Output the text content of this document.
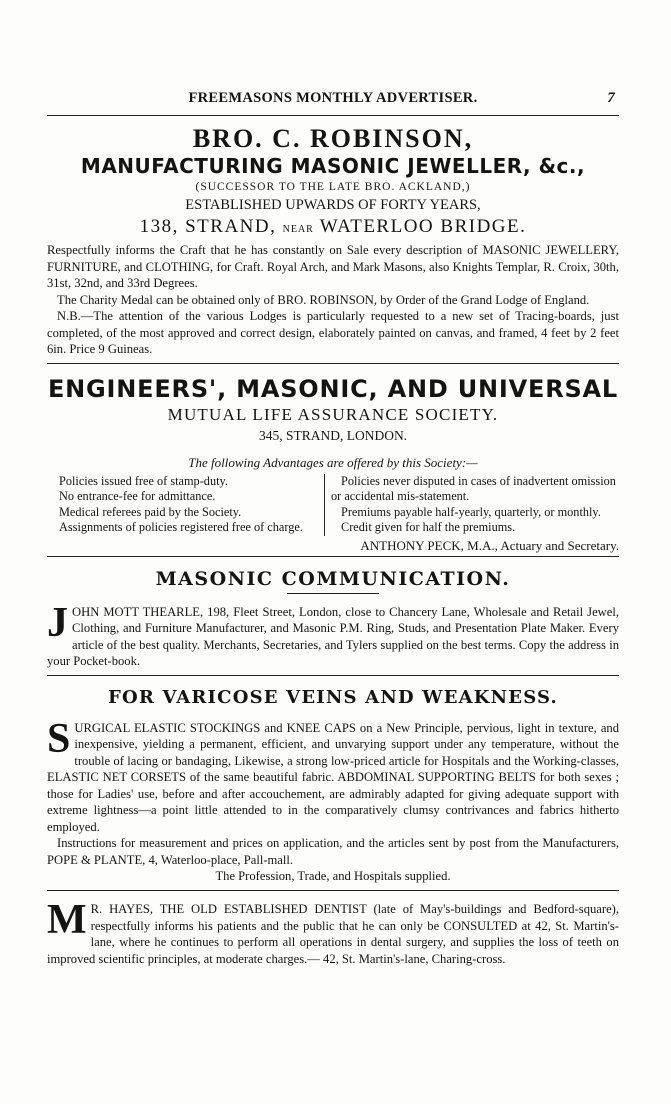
FREEMASONS MONTHLY ADVERTISER.	7
BRO. C. ROBINSON,
MANUFACTURING MASONIC JEWELLER, &c.,
(SUCCESSOR TO THE LATE BRO. ACKLAND,)
ESTABLISHED UPWARDS OF FORTY YEARS,
138, STRAND, NEAR WATERLOO BRIDGE.

Respectfully informs the Craft that he has constantly on Sale every description of MASONIC JEWELLERY, FURNITURE, and CLOTHING, for Craft. Royal Arch, and Mark Masons, also Knights Templar, R. Croix, 30th, 31st, 32nd, and 33rd Degrees.

The Charity Medal can be obtained only of BRO. ROBINSON, by Order of the Grand Lodge of England.

N.B.—The attention of the various Lodges is particularly requested to a new set of Tracing-boards, just completed, of the most approved and correct design, elaborately painted on canvas, and framed, 4 feet by 2 feet 6in. Price 9 Guineas.

ENGINEERS', MASONIC, AND UNIVERSAL
MUTUAL LIFE ASSURANCE SOCIETY.
345, STRAND, LONDON.
The following Advantages are offered by this Society:—

Policies issued free of stamp-duty.

No entrance-fee for admittance.

Medical referees paid by the Society.

Assignments of policies registered free of charge.

Policies never disputed in cases of inadvertent omission or accidental mis-statement.

Premiums payable half-yearly, quarterly, or monthly.

Credit given for half the premiums.

ANTHONY PECK, M.A., Actuary and Secretary.
MASONIC COMMUNICATION.
J OHN MOTT THEARLE, 198, Fleet Street, London, close to Chancery Lane, Wholesale and Retail Jewel, Clothing, and Furniture Manufacturer, and Masonic P.M. Ring, Studs, and Presentation Plate Maker. Every article of the best quality. Merchants, Secretaries, and Tylers supplied on the best terms. Copy the address in your Pocket-book.

FOR VARICOSE VEINS AND WEAKNESS.
S URGICAL ELASTIC STOCKINGS and KNEE CAPS on a New Principle, pervious, light in texture, and inexpensive, yielding a permanent, efficient, and unvarying support under any temperature, without the trouble of lacing or bandaging, Likewise, a strong low-priced article for Hospitals and the Working-classes, ELASTIC NET CORSETS of the same beautiful fabric. ABDOMINAL SUPPORTING BELTS for both sexes ; those for Ladies' use, before and after accouchement, are admirably adapted for giving adequate support with extreme lightness—a point little attended to in the comparatively clumsy contrivances and fabrics hitherto employed.

Instructions for measurement and prices on application, and the articles sent by post from the Manufacturers, POPE & PLANTE, 4, Waterloo-place, Pall-mall.

The Profession, Trade, and Hospitals supplied.
M R. HAYES, THE OLD ESTABLISHED DENTIST (late of May's-buildings and Bedford-square), respectfully informs his patients and the public that he can only be CONSULTED at 42, St. Martin's-lane, where he continues to perform all operations in dental surgery, and supplies the loss of teeth on improved scientific principles, at moderate charges.— 42, St. Martin's-lane, Charing-cross.
